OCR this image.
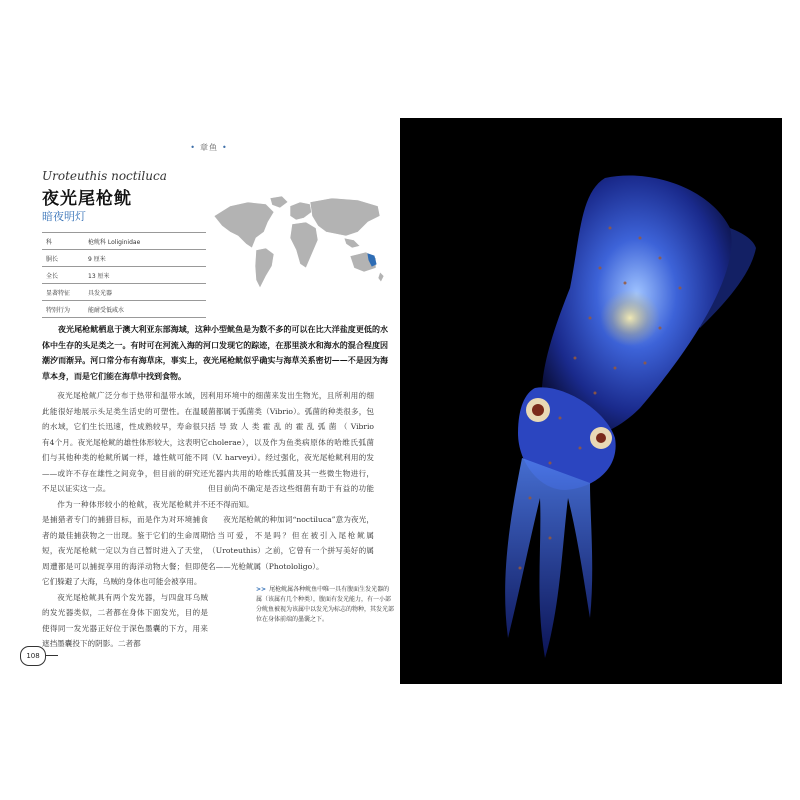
• 章鱼 •
Uroteuthis noctiluca
夜光尾枪鱿
暗夜明灯
科	枪鱿科 Loliginidae
胴长	9 厘米
全长	13 厘米
显著特征	具发光器
特别行为	能耐受低咸水

夜光尾枪鱿栖息于澳大利亚东部海域，这种小型鱿鱼是为数不多的可以在比大洋盐度更低的水体中生存的头足类之一。有时可在河流入海的河口发现它的踪迹，在那里淡水和海水的混合程度因潮汐而渐异。河口常分布有海草床，事实上，夜光尾枪鱿似乎确实与海草关系密切——不是因为海草本身，而是它们能在海草中找到食物。

夜光尾枪鱿广泛分布于热带和温带水域，因此能很好地展示头足类生活史的可塑性。在温暖的水域，它们生长迅速，性成熟较早，寿命很只有4个月。夜光尾枪鱿的雄性体形较大，这表明它们与其他种类的枪鱿所属一样，雄性鱿可能不同——或许不存在雄性之间竞争，但目前的研究还不足以证实这一点。

作为一种体形较小的枪鱿，夜光尾枪鱿并不是捕猎者专门的捕猎目标，而是作为对环境捕食者的最佳捕获物之一出现。鉴于它们的生命周期短，夜光尾枪鱿一定以为自己暂时进入了天堂，周遭都是可以捕捉享用的海洋动物大餐；但即使它们躲避了大海，乌贼的身体也可能会被享用。

夜光尾枪鱿具有两个发光器，与四盘耳乌贼的发光器类似，二者都在身体下面发光，目的是使得同一发光器正好位于深色墨囊的下方，用来遮挡墨囊投下的阴影。二者都

利用环境中的细菌来发出生物光，且所利用的细菌都属于弧菌类（Vibrio）。弧菌的种类很多，包括导致人类霍乱的霍乱弧菌（Vibrio cholerae），以及作为鱼类病原体的哈维氏弧菌（V. harveyi）。经过强化，夜光尾枪鱿利用的发光器内共用的哈维氏弧菌及其一些微生物进行，但目前尚不确定是否这些细菌有助于有益的功能还不得而知。

夜光尾枪鱿的种加词“noctiluca”意为夜光，恰当可爱，不是吗？但在被引入尾枪鱿属（Uroteuthis）之前，它曾有一个拼写美好的属名——光枪鱿属（Photololigo）。

>> 尾枪鱿属各种鱿鱼中唯一具有腹面生发光器的属（该属有几个种类），腹面有发光能力，有一小部分鱿鱼被视为该属中以发光为标志的物种，其发光部位在身体前端的墨囊之下。
108
